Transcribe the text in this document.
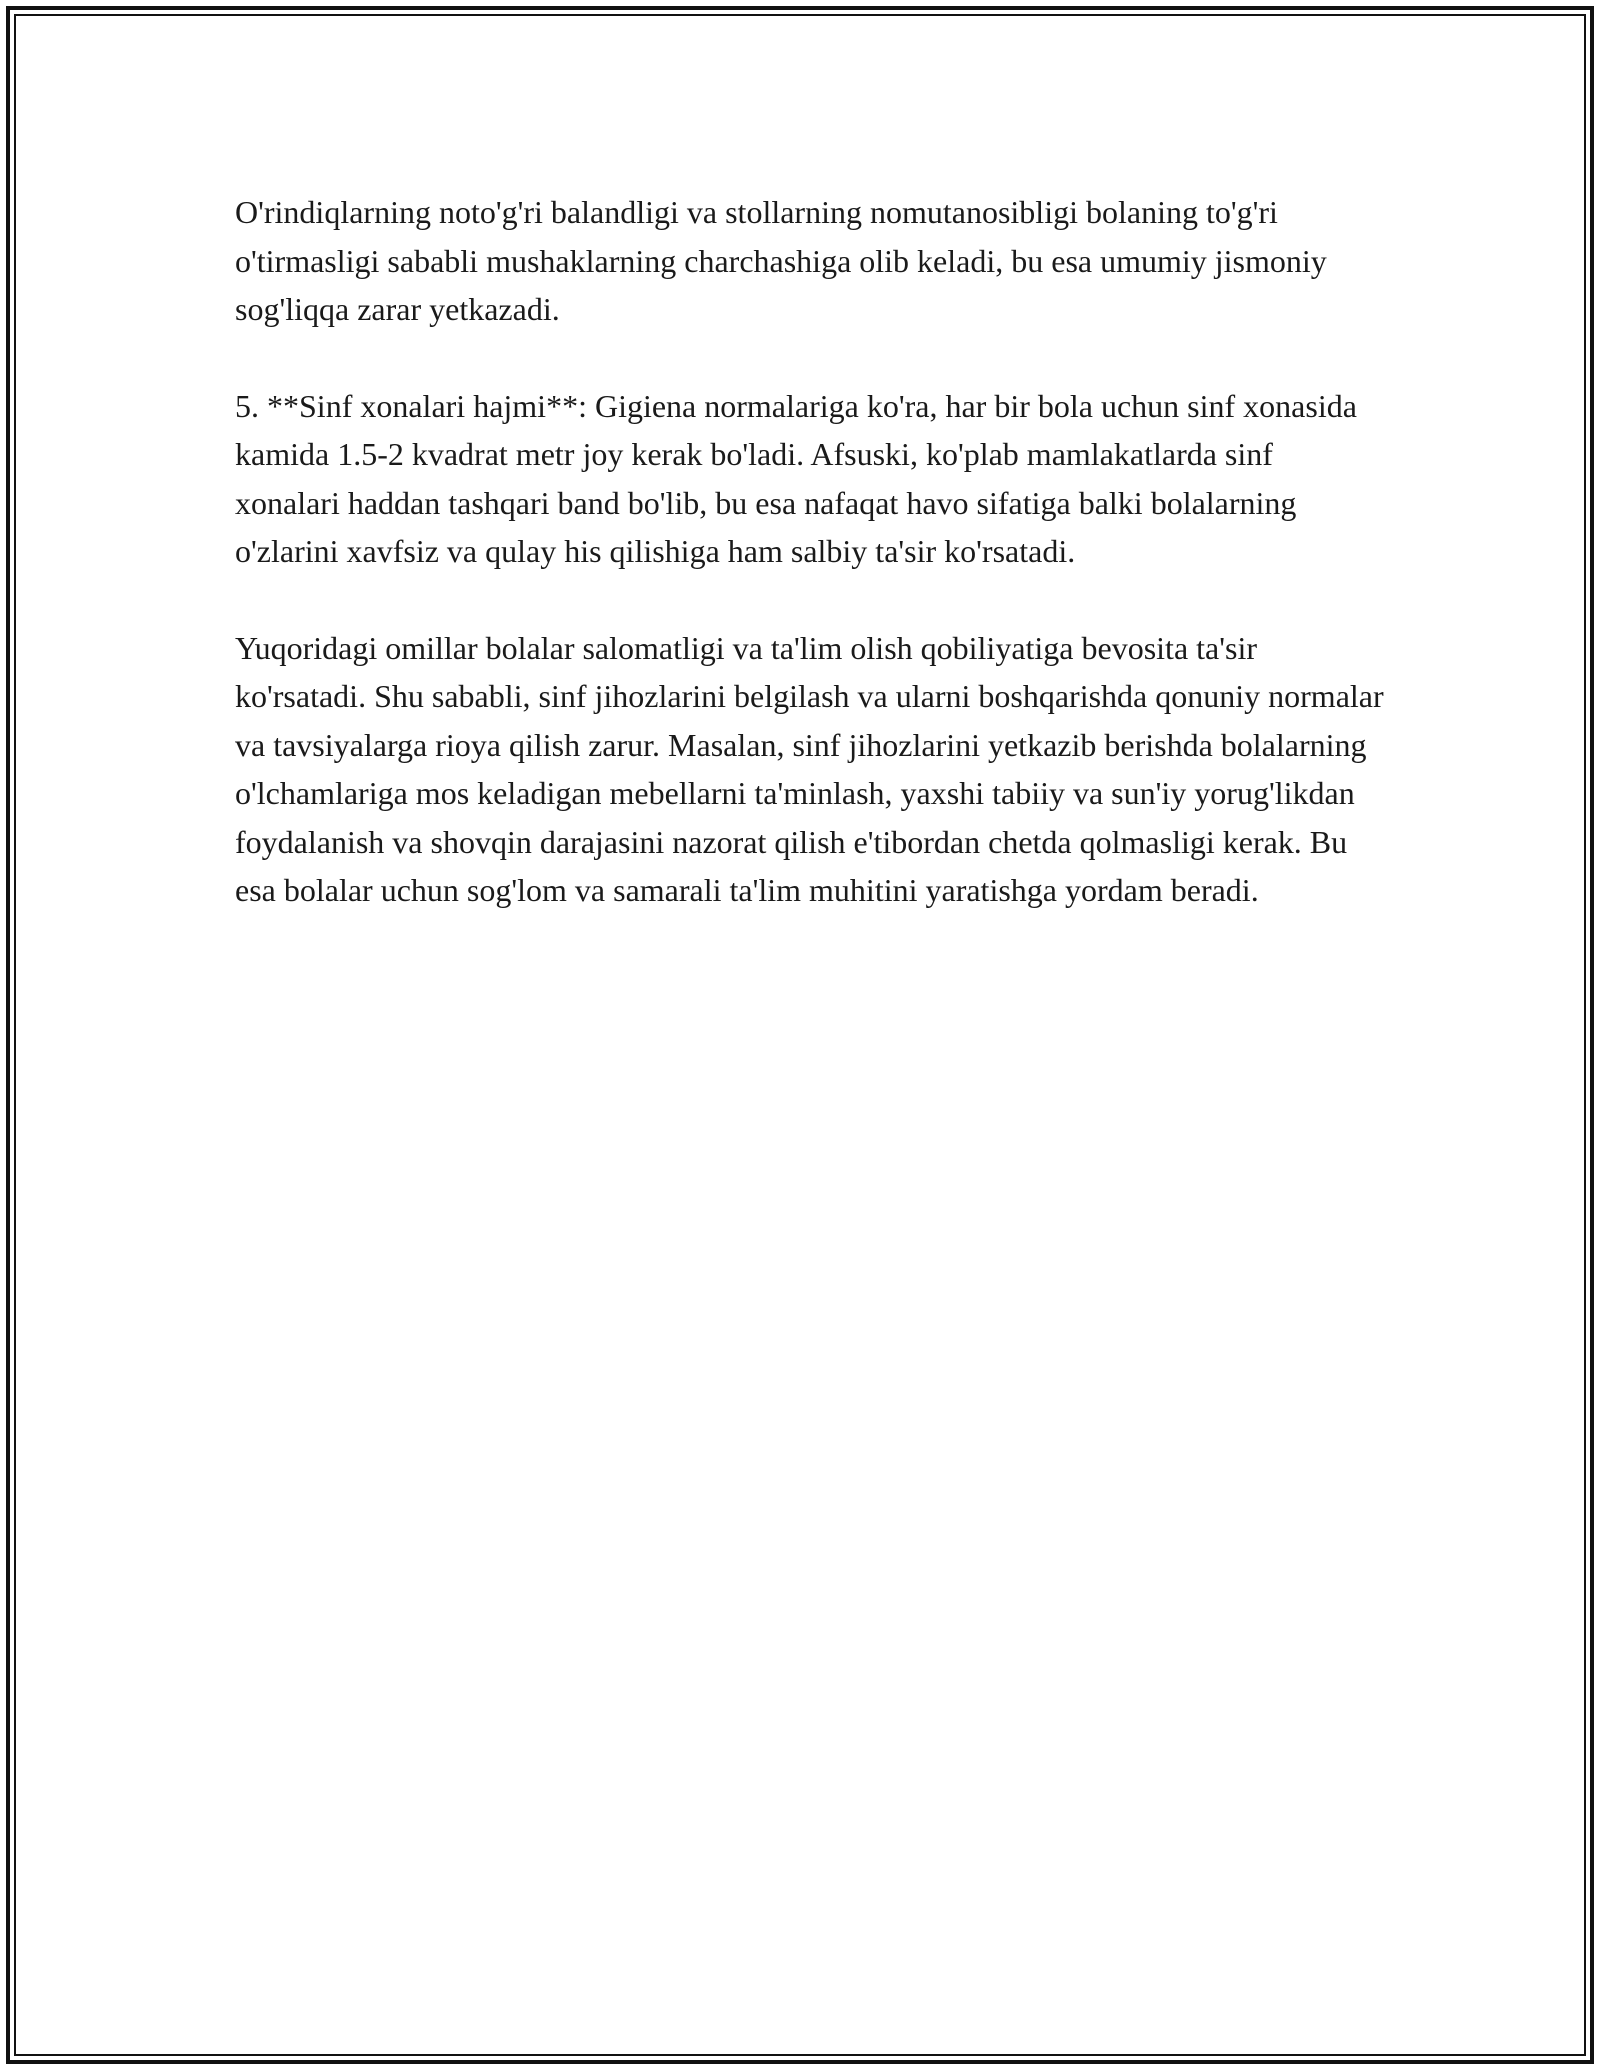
O'rindiqlarning noto'g'ri balandligi va stollarning nomutanosibligi bolaning to'g'ri o'tirmasligi sababli mushaklarning charchashiga olib keladi, bu esa umumiy jismoniy sog'liqqa zarar yetkazadi.

5. **Sinf xonalari hajmi**: Gigiena normalariga ko'ra, har bir bola uchun sinf xonasida kamida 1.5-2 kvadrat metr joy kerak bo'ladi. Afsuski, ko'plab mamlakatlarda sinf xonalari haddan tashqari band bo'lib, bu esa nafaqat havo sifatiga balki bolalarning o'zlarini xavfsiz va qulay his qilishiga ham salbiy ta'sir ko'rsatadi.

Yuqoridagi omillar bolalar salomatligi va ta'lim olish qobiliyatiga bevosita ta'sir ko'rsatadi. Shu sababli, sinf jihozlarini belgilash va ularni boshqarishda qonuniy normalar va tavsiyalarga rioya qilish zarur. Masalan, sinf jihozlarini yetkazib berishda bolalarning o'lchamlariga mos keladigan mebellarni ta'minlash, yaxshi tabiiy va sun'iy yorug'likdan foydalanish va shovqin darajasini nazorat qilish e'tibordan chetda qolmasligi kerak. Bu esa bolalar uchun sog'lom va samarali ta'lim muhitini yaratishga yordam beradi.
